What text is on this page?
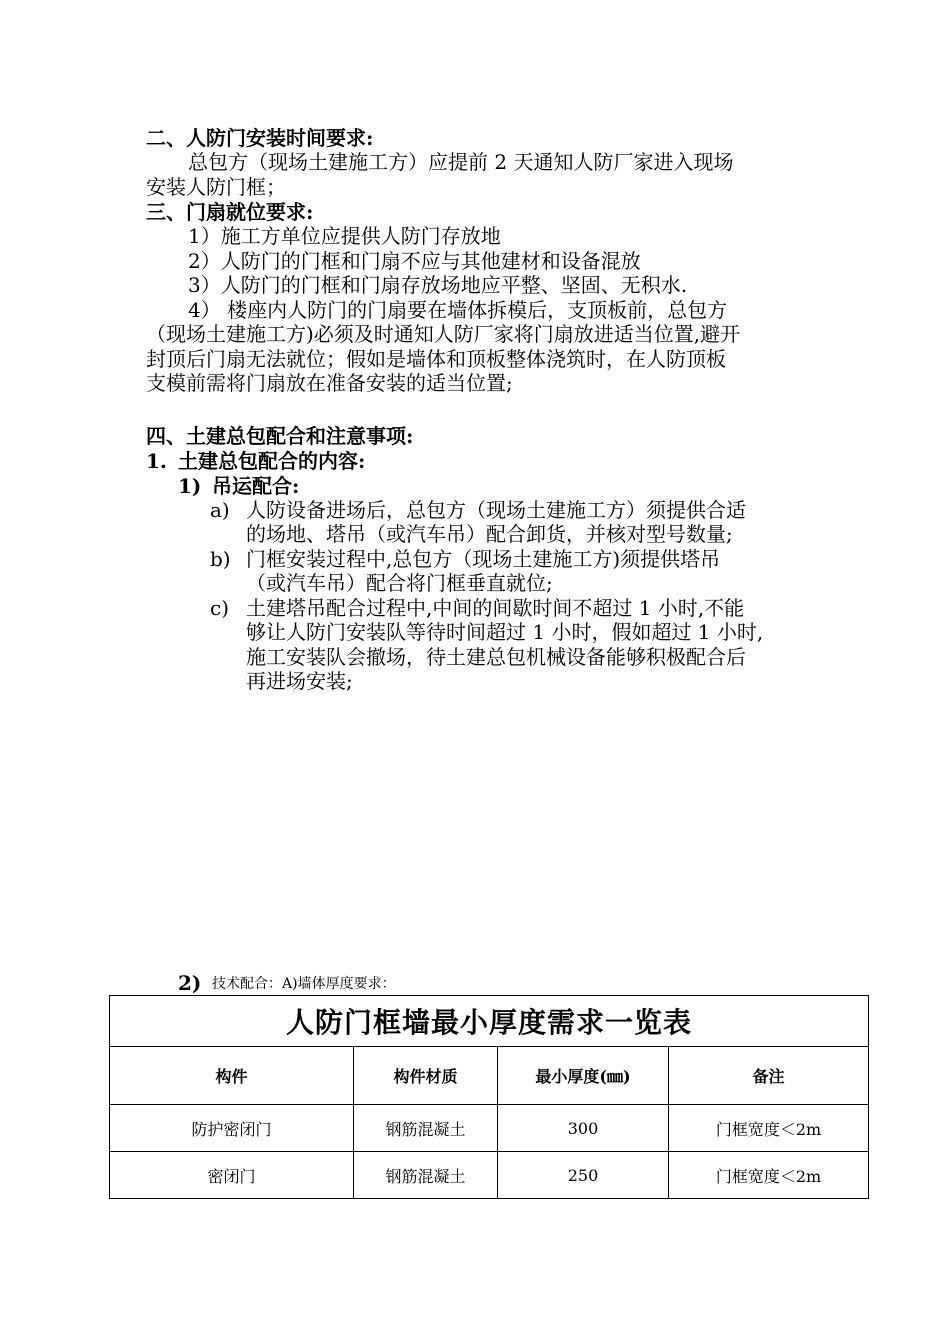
二、人防门安装时间要求:
总包方（现场土建施工方）应提前 2 天通知人防厂家进入现场
安装人防门框；
三、门扇就位要求:
1）施工方单位应提供人防门存放地
2）人防门的门框和门扇不应与其他建材和设备混放
3）人防门的门框和门扇存放场地应平整、坚固、无积水.
4） 楼座内人防门的门扇要在墙体拆模后，支顶板前，总包方
（现场土建施工方)必须及时通知人防厂家将门扇放进适当位置,避开
封顶后门扇无法就位；假如是墙体和顶板整体浇筑时，在人防顶板
支模前需将门扇放在准备安装的适当位置;
四、土建总包配合和注意事项:
1. 土建总包配合的内容:
1) 吊运配合:
a) 人防设备进场后，总包方（现场土建施工方）须提供合适
的场地、塔吊（或汽车吊）配合卸货，并核对型号数量;
b) 门框安装过程中,总包方（现场土建施工方)须提供塔吊
（或汽车吊）配合将门框垂直就位;
c) 土建塔吊配合过程中,中间的间歇时间不超过 1 小时,不能
够让人防门安装队等待时间超过 1 小时，假如超过 1 小时,
施工安装队会撤场，待土建总包机械设备能够积极配合后
再进场安装;
2) 技术配合：A)墙体厚度要求：
人防门框墙最小厚度需求一览表			
构件	构件材质	最小厚度(㎜)	备注
防护密闭门	钢筋混凝土	300	门框宽度＜2m
密闭门	钢筋混凝土	250	门框宽度＜2m
